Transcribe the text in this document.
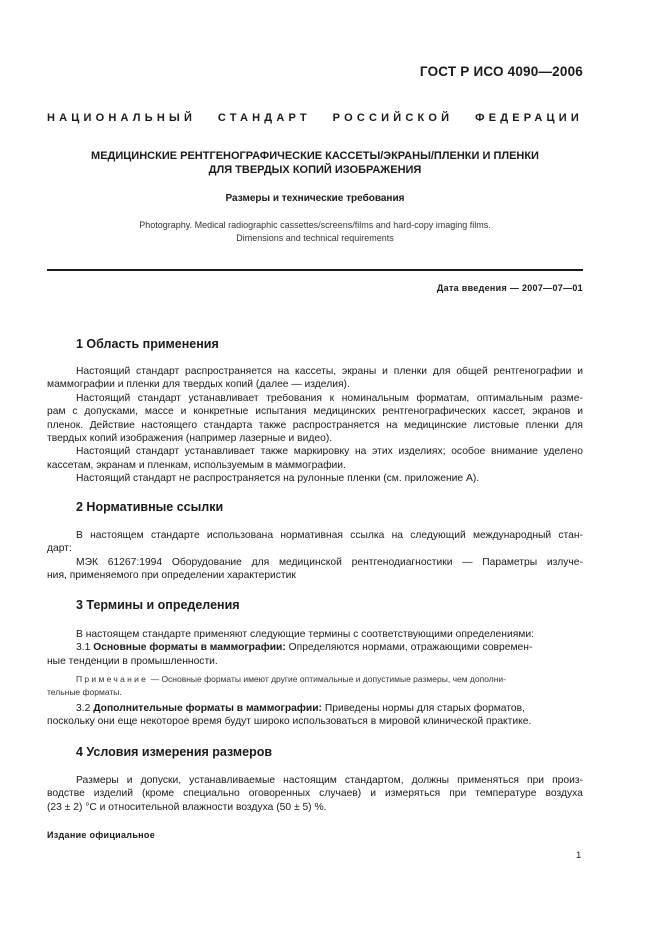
ГОСТ Р ИСО 4090—2006
НАЦИОНАЛЬНЫЙ СТАНДАРТ РОССИЙСКОЙ ФЕДЕРАЦИИ
МЕДИЦИНСКИЕ РЕНТГЕНОГРАФИЧЕСКИЕ КАССЕТЫ/ЭКРАНЫ/ПЛЕНКИ И ПЛЕНКИ
ДЛЯ ТВЕРДЫХ КОПИЙ ИЗОБРАЖЕНИЯ
Размеры и технические требования
Photography. Medical radiographic cassettes/screens/films and hard-copy imaging films.
Dimensions and technical requirements
Дата введения — 2007—07—01
1 Область применения
Настоящий стандарт распространяется на кассеты, экраны и пленки для общей рентгенографии и
маммографии и пленки для твердых копий (далее — изделия).
Настоящий стандарт устанавливает требования к номинальным форматам, оптимальным разме-
рам с допусками, массе и конкретные испытания медицинских рентгенографических кассет, экранов и
пленок. Действие настоящего стандарта также распространяется на медицинские листовые пленки для
твердых копий изображения (например лазерные и видео).
Настоящий стандарт устанавливает также маркировку на этих изделиях; особое внимание уделено
кассетам, экранам и пленкам, используемым в маммографии.
Настоящий стандарт не распространяется на рулонные пленки (см. приложение А).
2 Нормативные ссылки
В настоящем стандарте использована нормативная ссылка на следующий международный стан-
дарт:
МЭК 61267:1994 Оборудование для медицинской рентгенодиагностики — Параметры излуче-
ния, применяемого при определении характеристик
3 Термины и определения
В настоящем стандарте применяют следующие термины с соответствующими определениями:
3.1 Основные форматы в маммографии: Определяются нормами, отражающими современ-
ные тенденции в промышленности.
Примечание — Основные форматы имеют другие оптимальные и допустимые размеры, чем дополни-
тельные форматы.
3.2 Дополнительные форматы в маммографии: Приведены нормы для старых форматов,
поскольку они еще некоторое время будут широко использоваться в мировой клинической практике.
4 Условия измерения размеров
Размеры и допуски, устанавливаемые настоящим стандартом, должны применяться при произ-
водстве изделий (кроме специально оговоренных случаев) и измеряться при температуре воздуха
(23 ± 2) °С и относительной влажности воздуха (50 ± 5) %.
Издание официальное
1
